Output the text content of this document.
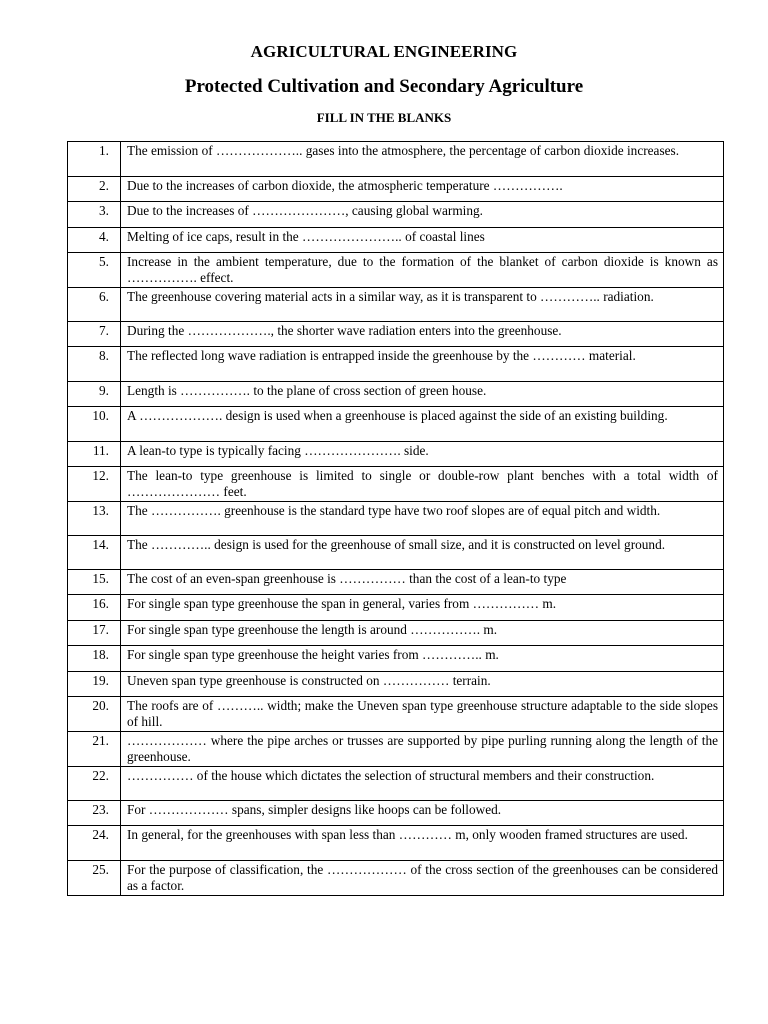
AGRICULTURAL ENGINEERING
Protected Cultivation and Secondary Agriculture
FILL IN THE BLANKS
1.	The emission of ……………….. gases into the atmosphere, the percentage of carbon dioxide increases.
2.	Due to the increases of carbon dioxide, the atmospheric temperature …………….
3.	Due to the increases of …………………, causing global warming.
4.	Melting of ice caps, result in the ………………….. of coastal lines
5.	Increase in the ambient temperature, due to the formation of the blanket of carbon dioxide is known as ……………. effect.
6.	The greenhouse covering material acts in a similar way, as it is transparent to ………….. radiation.
7.	During the ………………., the shorter wave radiation enters into the greenhouse.
8.	The reflected long wave radiation is entrapped inside the greenhouse by the ………… material.
9.	Length is ……………. to the plane of cross section of green house.
10.	A ………………. design is used when a greenhouse is placed against the side of an existing building.
11.	A lean-to type is typically facing …………………. side.
12.	The lean-to type greenhouse is limited to single or double-row plant benches with a total width of ………………… feet.
13.	The ……………. greenhouse is the standard type have two roof slopes are of equal pitch and width.
14.	The ………….. design is used for the greenhouse of small size, and it is constructed on level ground.
15.	The cost of an even-span greenhouse is …………… than the cost of a lean-to type
16.	For single span type greenhouse the span in general, varies from …………… m.
17.	For single span type greenhouse the length is around ……………. m.
18.	For single span type greenhouse the height varies from ………….. m.
19.	Uneven span type greenhouse is constructed on …………… terrain.
20.	The roofs are of ……….. width; make the Uneven span type greenhouse structure adaptable to the side slopes of hill.
21.	……………… where the pipe arches or trusses are supported by pipe purling running along the length of the greenhouse.
22.	…………… of the house which dictates the selection of structural members and their construction.
23.	For ……………… spans, simpler designs like hoops can be followed.
24.	In general, for the greenhouses with span less than ………… m, only wooden framed structures are used.
25.	For the purpose of classification, the ……………… of the cross section of the greenhouses can be considered as a factor.
